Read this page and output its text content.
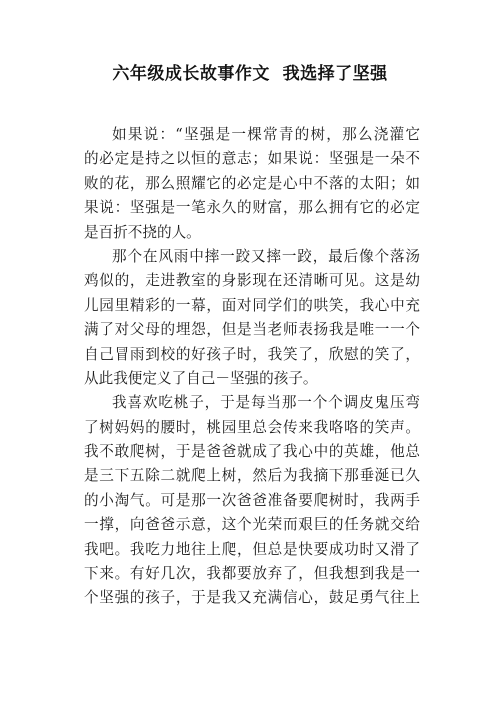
六年级成长故事作文  我选择了坚强
如果说：“坚强是一棵常青的树，那么浇灌它
的必定是持之以恒的意志；如果说：坚强是一朵不
败的花，那么照耀它的必定是心中不落的太阳；如
果说：坚强是一笔永久的财富，那么拥有它的必定
是百折不挠的人。
那个在风雨中摔一跤又摔一跤，最后像个落汤
鸡似的，走进教室的身影现在还清晰可见。这是幼
儿园里精彩的一幕，面对同学们的哄笑，我心中充
满了对父母的埋怨，但是当老师表扬我是唯一一个
自己冒雨到校的好孩子时，我笑了，欣慰的笑了，
从此我便定义了自己－坚强的孩子。
我喜欢吃桃子，于是每当那一个个调皮鬼压弯
了树妈妈的腰时，桃园里总会传来我咯咯的笑声。
我不敢爬树，于是爸爸就成了我心中的英雄，他总
是三下五除二就爬上树，然后为我摘下那垂涎已久
的小淘气。可是那一次爸爸准备要爬树时，我两手
一撑，向爸爸示意，这个光荣而艰巨的任务就交给
我吧。我吃力地往上爬，但总是快要成功时又滑了
下来。有好几次，我都要放弃了，但我想到我是一
个坚强的孩子，于是我又充满信心，鼓足勇气往上
